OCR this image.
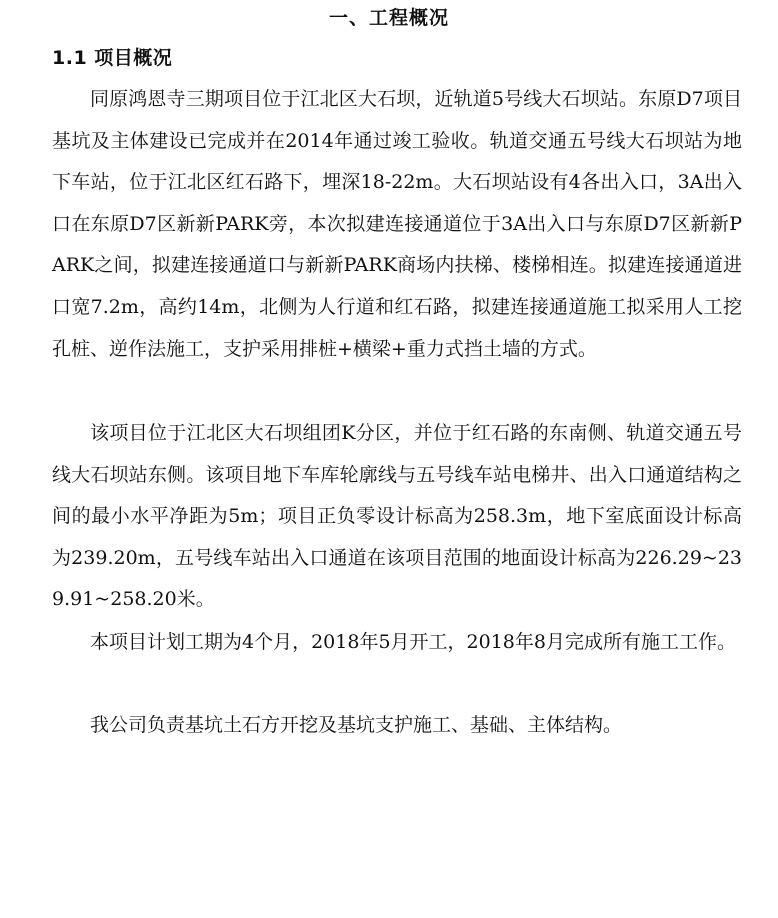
一、工程概况
1.1 项目概况

同原鸿恩寺三期项目位于江北区大石坝，近轨道5号线大石坝站。东原D7项目基坑及主体建设已完成并在2014年通过竣工验收。轨道交通五号线大石坝站为地下车站，位于江北区红石路下，埋深18-22m。大石坝站设有4各出入口，3A出入口在东原D7区新新PARK旁，本次拟建连接通道位于3A出入口与东原D7区新新PARK之间，拟建连接通道口与新新PARK商场内扶梯、楼梯相连。拟建连接通道进口宽7.2m，高约14m，北侧为人行道和红石路，拟建连接通道施工拟采用人工挖孔桩、逆作法施工，支护采用排桩+横梁+重力式挡土墙的方式。

该项目位于江北区大石坝组团K分区，并位于红石路的东南侧、轨道交通五号线大石坝站东侧。该项目地下车库轮廓线与五号线车站电梯井、出入口通道结构之间的最小水平净距为5m；项目正负零设计标高为258.3m，地下室底面设计标高为239.20m，五号线车站出入口通道在该项目范围的地面设计标高为226.29~239.91~258.20米。

本项目计划工期为4个月，2018年5月开工，2018年8月完成所有施工工作。

我公司负责基坑土石方开挖及基坑支护施工、基础、主体结构。
